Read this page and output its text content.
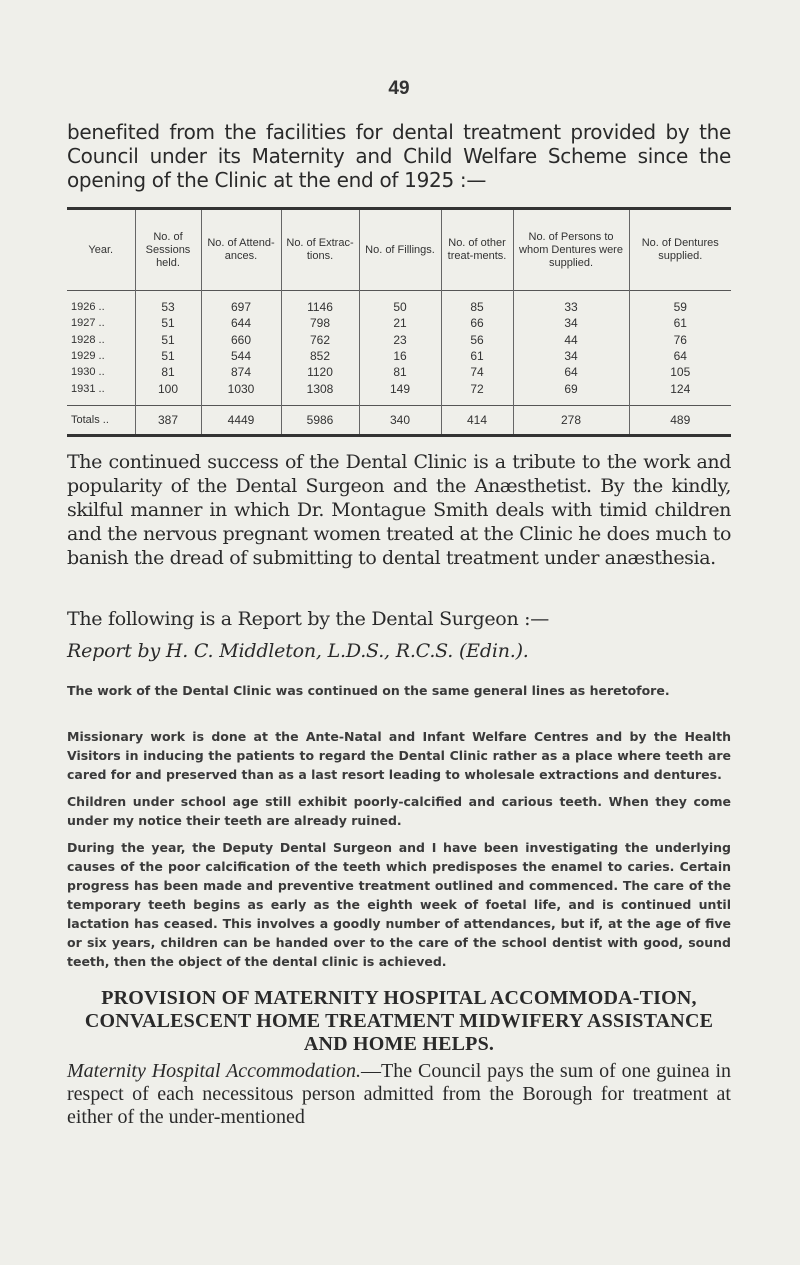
49

benefited from the facilities for dental treatment provided by the Council under its Maternity and Child Welfare Scheme since the opening of the Clinic at the end of 1925 :—

Year.	No. of Sessions held.	No. of Attend-ances.	No. of Extrac-tions.	No. of Fillings.	No. of other treat-ments.	No. of Persons to whom Dentures were supplied.	No. of Dentures supplied.
1926 ..	53	697	1146	50	85	33	59
1927 ..	51	644	798	21	66	34	61
1928 ..	51	660	762	23	56	44	76
1929 ..	51	544	852	16	61	34	64
1930 ..	81	874	1120	81	74	64	105
1931 ..	100	1030	1308	149	72	69	124
Totals ..	387	4449	5986	340	414	278	489

The continued success of the Dental Clinic is a tribute to the work and popularity of the Dental Surgeon and the Anæsthetist. By the kindly, skilful manner in which Dr. Montague Smith deals with timid children and the nervous pregnant women treated at the Clinic he does much to banish the dread of submitting to dental treatment under anæsthesia.

The following is a Report by the Dental Surgeon :—

Report by H. C. Middleton, L.D.S., R.C.S. (Edin.).

The work of the Dental Clinic was continued on the same general lines as heretofore.

Missionary work is done at the Ante-Natal and Infant Welfare Centres and by the Health Visitors in inducing the patients to regard the Dental Clinic rather as a place where teeth are cared for and preserved than as a last resort leading to wholesale extractions and dentures.

Children under school age still exhibit poorly-calcified and carious teeth. When they come under my notice their teeth are already ruined.

During the year, the Deputy Dental Surgeon and I have been investigating the underlying causes of the poor calcification of the teeth which predisposes the enamel to caries. Certain progress has been made and preventive treatment outlined and commenced. The care of the temporary teeth begins as early as the eighth week of foetal life, and is continued until lactation has ceased. This involves a goodly number of attendances, but if, at the age of five or six years, children can be handed over to the care of the school dentist with good, sound teeth, then the object of the dental clinic is achieved.

PROVISION OF MATERNITY HOSPITAL ACCOMMODA-TION, CONVALESCENT HOME TREATMENT MIDWIFERY ASSISTANCE AND HOME HELPS.

Maternity Hospital Accommodation.—The Council pays the sum of one guinea in respect of each necessitous person admitted from the Borough for treatment at either of the under-mentioned
